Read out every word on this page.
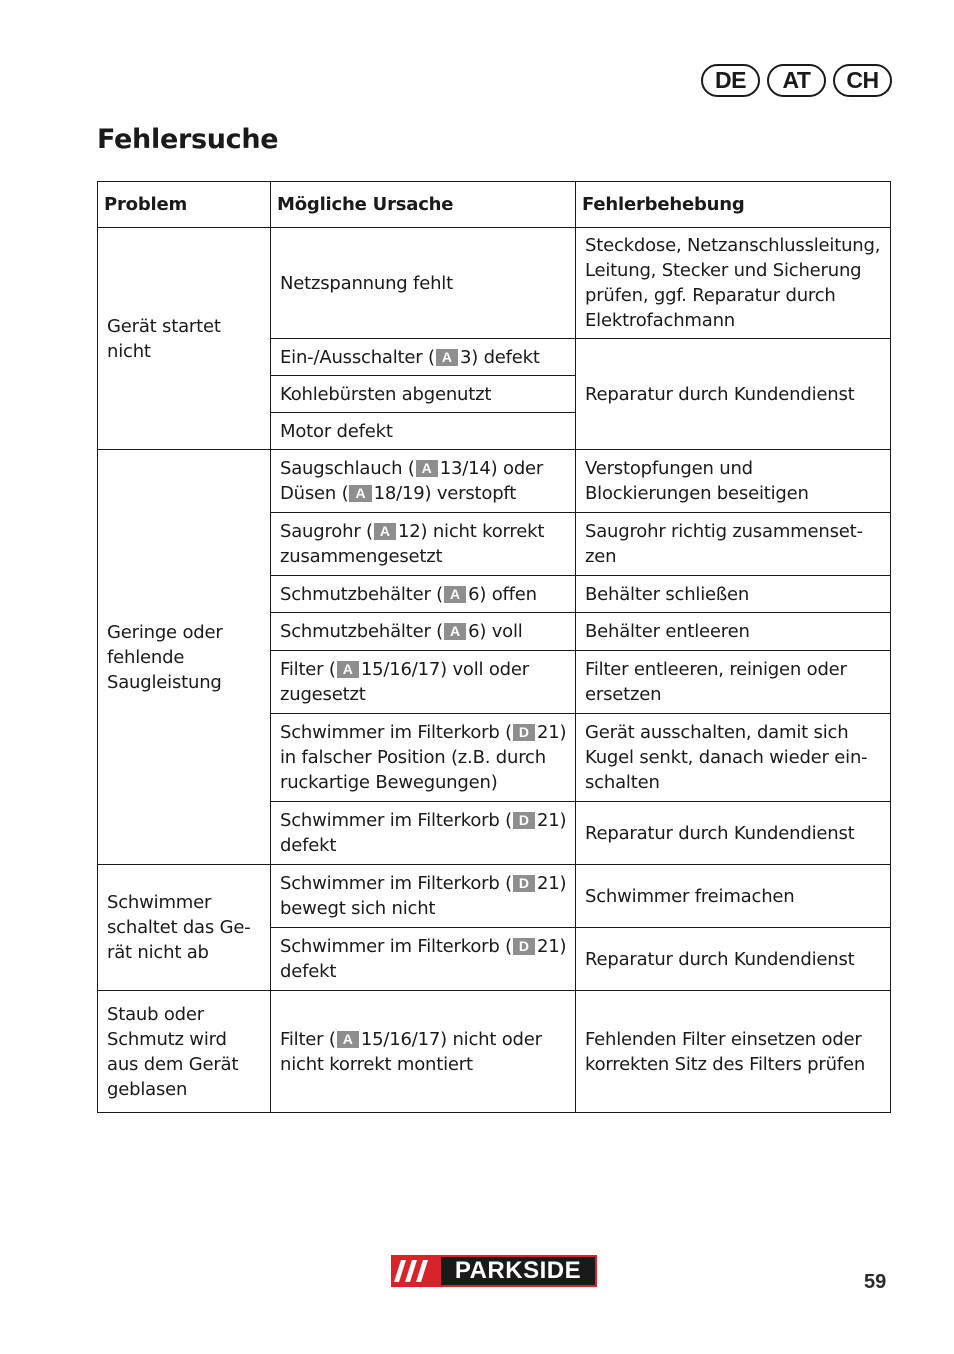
DE	AT	CH
Fehlersuche
Problem	Mögliche Ursache	Fehlerbehebung
Gerät startet nicht	Netzspannung fehlt	Steckdose, Netzanschlussleitung, Leitung, Stecker und Sicherung prüfen, ggf. Reparatur durch Elektrofachmann
	Ein-/Ausschalter ( A 3) defekt	Reparatur durch Kundendienst
	Kohlebürsten abgenutzt	
	Motor defekt	
Geringe oder fehlende Saugleistung	Saugschlauch ( A 13/14) oder Düsen ( A 18/19) verstopft	Verstopfungen und Blockierungen beseitigen
	Saugrohr ( A 12) nicht korrekt zusammengesetzt	Saugrohr richtig zusammenset-zen
	Schmutzbehälter ( A 6) offen	Behälter schließen
	Schmutzbehälter ( A 6) voll	Behälter entleeren
	Filter ( A 15/16/17) voll oder zugesetzt	Filter entleeren, reinigen oder ersetzen
	Schwimmer im Filterkorb ( D 21) in falscher Position (z.B. durch ruckartige Bewegungen)	Gerät ausschalten, damit sich Kugel senkt, danach wieder ein-schalten
	Schwimmer im Filterkorb ( D 21) defekt	Reparatur durch Kundendienst
Schwimmer schaltet das Ge-rät nicht ab	Schwimmer im Filterkorb ( D 21) bewegt sich nicht	Schwimmer freimachen
	Schwimmer im Filterkorb ( D 21) defekt	Reparatur durch Kundendienst
Staub oder Schmutz wird aus dem Gerät geblasen	Filter ( A 15/16/17) nicht oder nicht korrekt montiert	Fehlenden Filter einsetzen oder korrekten Sitz des Filters prüfen
PARKSIDE	59
